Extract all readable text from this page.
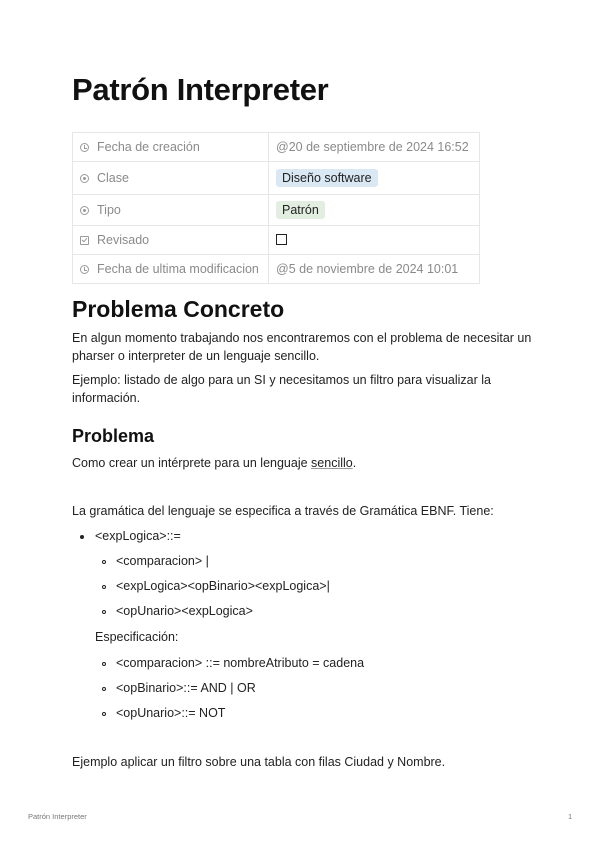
Patrón Interpreter
Fecha de creación	@20 de septiembre de 2024 16:52
Clase	Diseño software
Tipo	Patrón
Revisado	
Fecha de ultima modificacion	@5 de noviembre de 2024 10:01
Problema Concreto

En algun momento trabajando nos encontraremos con el problema de necesitar un pharser o interpreter de un lenguaje sencillo.

Ejemplo: listado de algo para un SI y necesitamos un filtro para visualizar la información.

Problema

Como crear un intérprete para un lenguaje sencillo.

La gramática del lenguaje se especifica a través de Gramática EBNF. Tiene:

<expLogica>::=
<comparacion> |
<expLogica><opBinario><expLogica>|
<opUnario><expLogica>
Especificación:
<comparacion> ::= nombreAtributo = cadena
<opBinario>::= AND | OR
<opUnario>::= NOT

Ejemplo aplicar un filtro sobre una tabla con filas Ciudad y Nombre.

Patrón Interpreter	1
